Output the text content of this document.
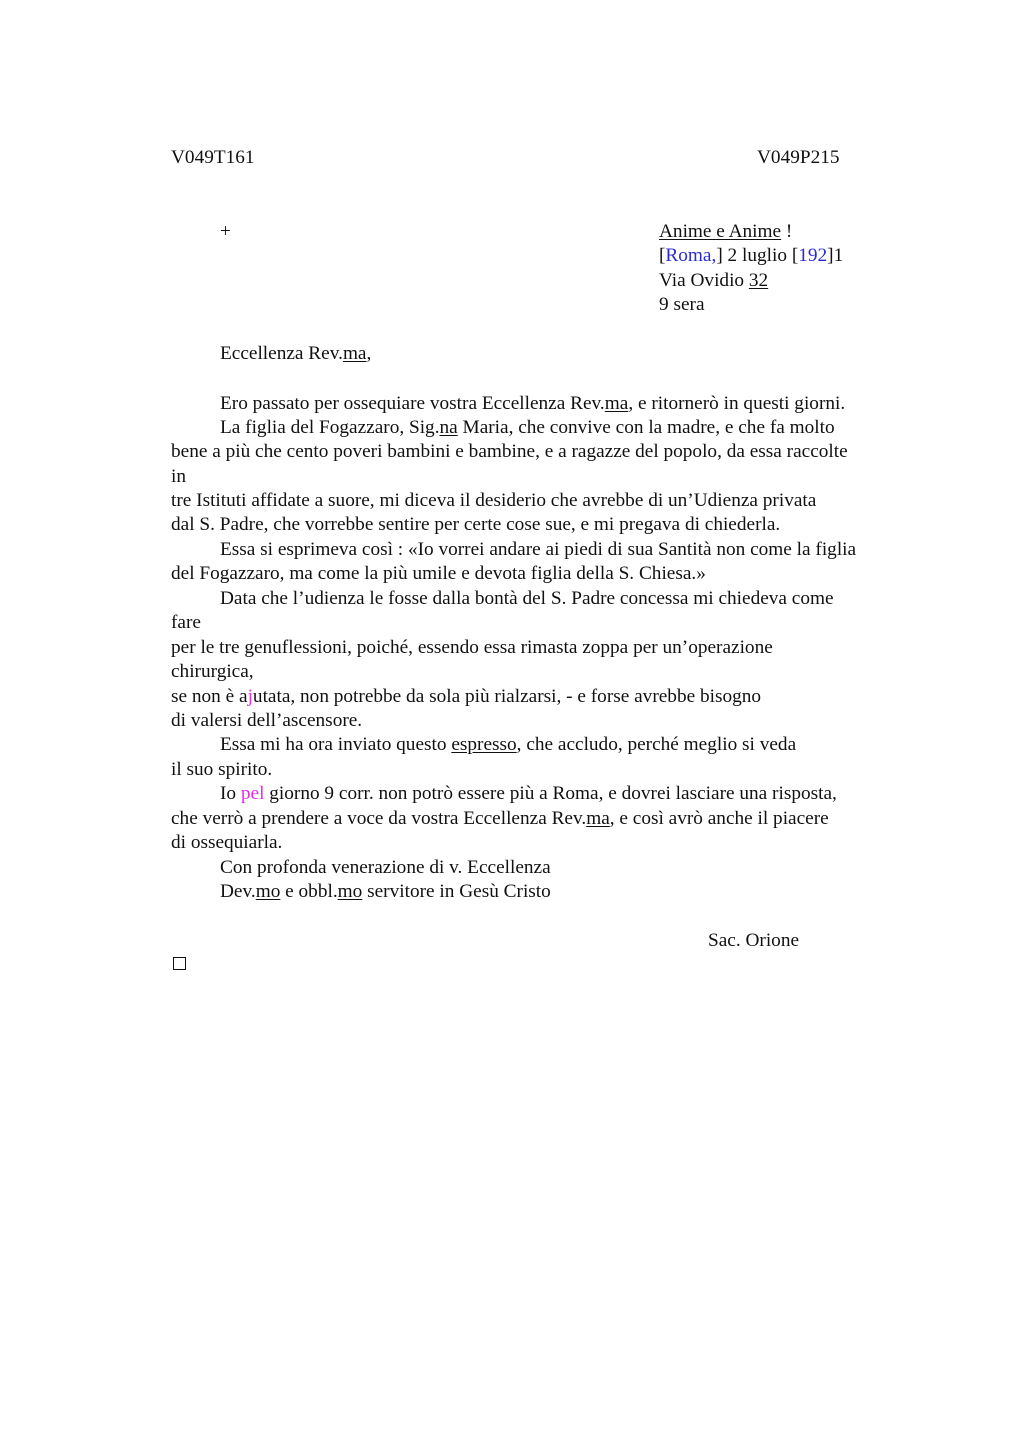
V049T161	V049P215
+	Anime e Anime !
[Roma,] 2 luglio [192]1
Via Ovidio 32
9 sera
Eccellenza Rev.ma,
Ero passato per ossequiare vostra Eccellenza Rev.ma, e ritornerò in questi giorni.
La figlia del Fogazzaro, Sig.na Maria, che convive con la madre, e che fa molto
bene a più che cento poveri bambini e bambine, e a ragazze del popolo, da essa raccolte
in
tre Istituti affidate a suore, mi diceva il desiderio che avrebbe di un’Udienza privata
dal S. Padre, che vorrebbe sentire per certe cose sue, e mi pregava di chiederla.
Essa si esprimeva così : «Io vorrei andare ai piedi di sua Santità non come la figlia
del Fogazzaro, ma come la più umile e devota figlia della S. Chiesa.»
Data che l’udienza le fosse dalla bontà del S. Padre concessa mi chiedeva come
fare
per le tre genuflessioni, poiché, essendo essa rimasta zoppa per un’operazione
chirurgica,
se non è ajutata, non potrebbe da sola più rialzarsi, - e forse avrebbe bisogno
di valersi dell’ascensore.
Essa mi ha ora inviato questo espresso, che accludo, perché meglio si veda
il suo spirito.
Io pel giorno 9 corr. non potrò essere più a Roma, e dovrei lasciare una risposta,
che verrò a prendere a voce da vostra Eccellenza Rev.ma, e così avrò anche il piacere
di ossequiarla.
Con profonda venerazione di v. Eccellenza
Dev.mo e obbl.mo servitore in Gesù Cristo
Sac. Orione
